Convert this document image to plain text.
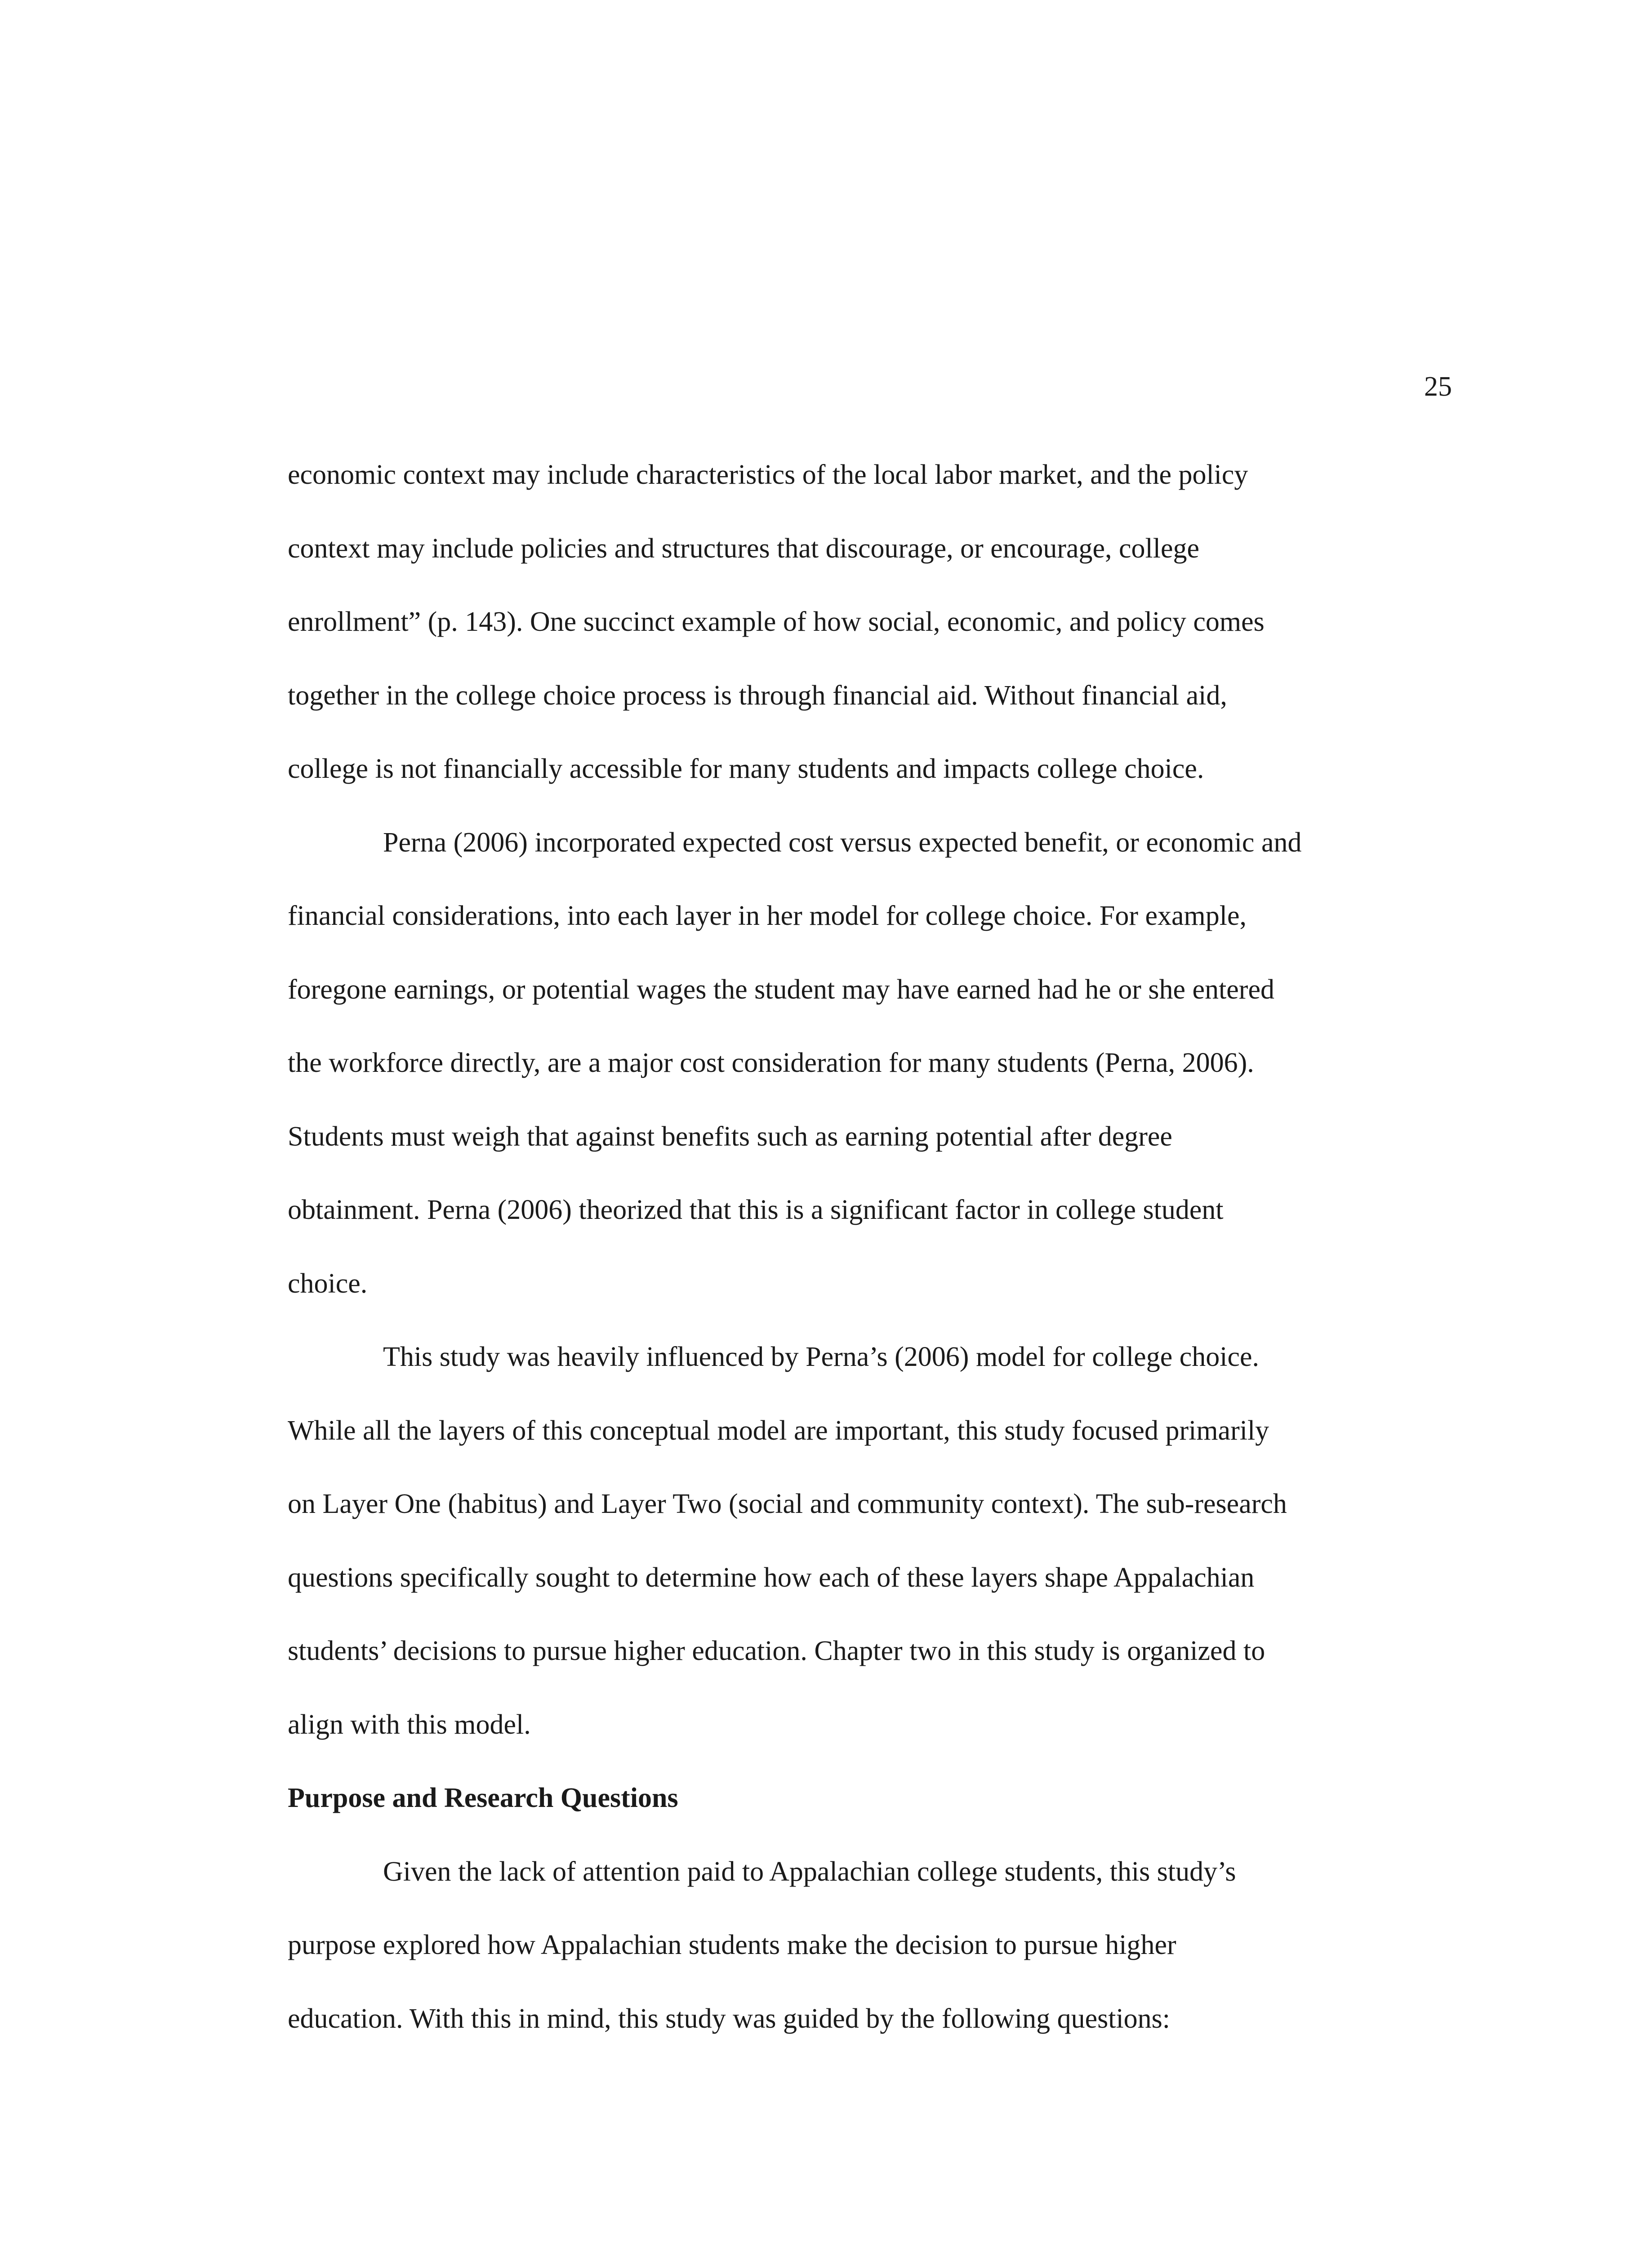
25
economic context may include characteristics of the local labor market, and the policy
context may include policies and structures that discourage, or encourage, college
enrollment” (p. 143). One succinct example of how social, economic, and policy comes
together in the college choice process is through financial aid. Without financial aid,
college is not financially accessible for many students and impacts college choice.
Perna (2006) incorporated expected cost versus expected benefit, or economic and
financial considerations, into each layer in her model for college choice. For example,
foregone earnings, or potential wages the student may have earned had he or she entered
the workforce directly, are a major cost consideration for many students (Perna, 2006).
Students must weigh that against benefits such as earning potential after degree
obtainment. Perna (2006) theorized that this is a significant factor in college student
choice.
This study was heavily influenced by Perna’s (2006) model for college choice.
While all the layers of this conceptual model are important, this study focused primarily
on Layer One (habitus) and Layer Two (social and community context). The sub-research
questions specifically sought to determine how each of these layers shape Appalachian
students’ decisions to pursue higher education. Chapter two in this study is organized to
align with this model.
Purpose and Research Questions
Given the lack of attention paid to Appalachian college students, this study’s
purpose explored how Appalachian students make the decision to pursue higher
education. With this in mind, this study was guided by the following questions:
